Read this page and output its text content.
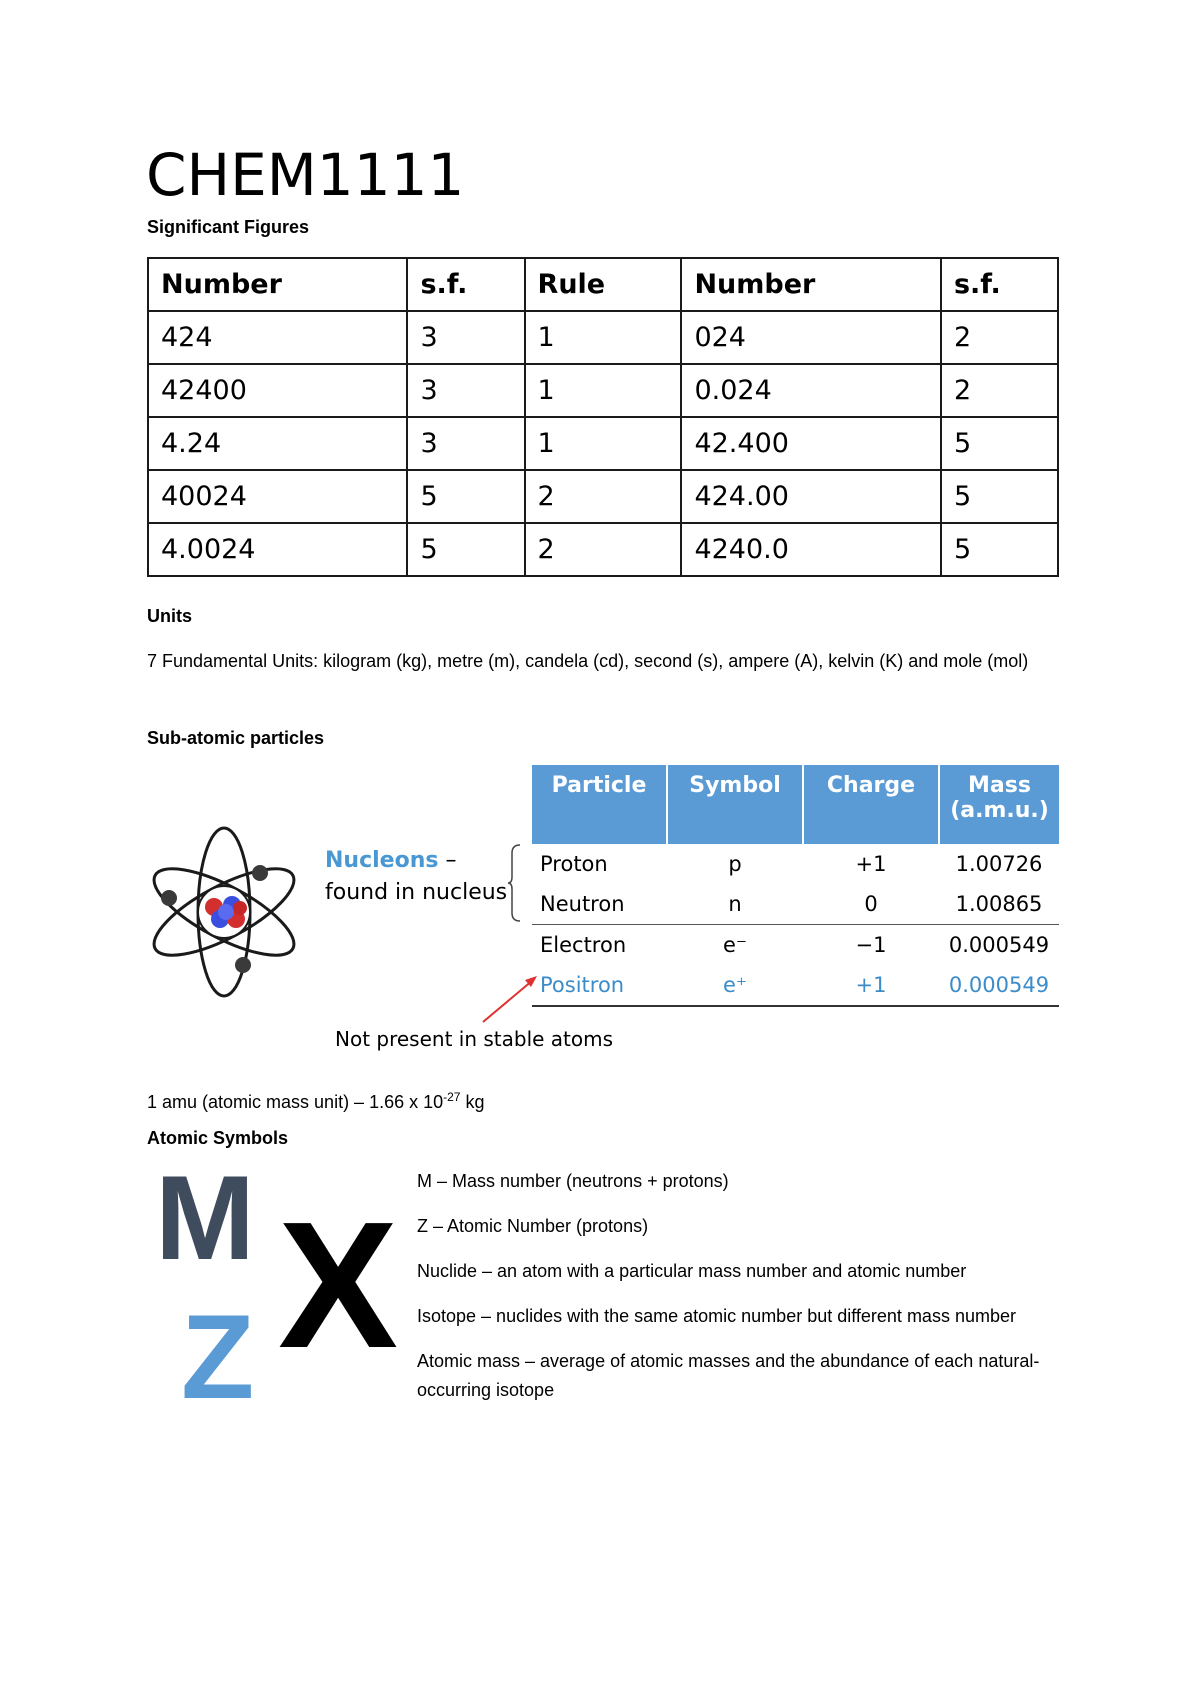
CHEM1111
Significant Figures
Number	s.f.	Rule	Number	s.f.
424	3	1	024	2
42400	3	1	0.024	2
4.24	3	1	42.400	5
40024	5	2	424.00	5
4.0024	5	2	4240.0	5
Units
7 Fundamental Units: kilogram (kg), metre (m), candela (cd), second (s), ampere (A), kelvin (K) and mole (mol)
Sub-atomic particles
Nucleons –
found in nucleus
Particle	Symbol	Charge	Mass (a.m.u.)
Proton	p	+1	1.00726
Neutron	n	0	1.00865
Electron	e⁻	−1	0.000549
Positron	e⁺	+1	0.000549
Not present in stable atoms
1 amu (atomic mass unit) – 1.66 x $10^{-27}$ kg
Atomic Symbols
M
Z X

M – Mass number (neutrons + protons)

Z – Atomic Number (protons)

Nuclide – an atom with a particular mass number and atomic number

Isotope – nuclides with the same atomic number but different mass number

Atomic mass – average of atomic masses and the abundance of each natural-occurring isotope
